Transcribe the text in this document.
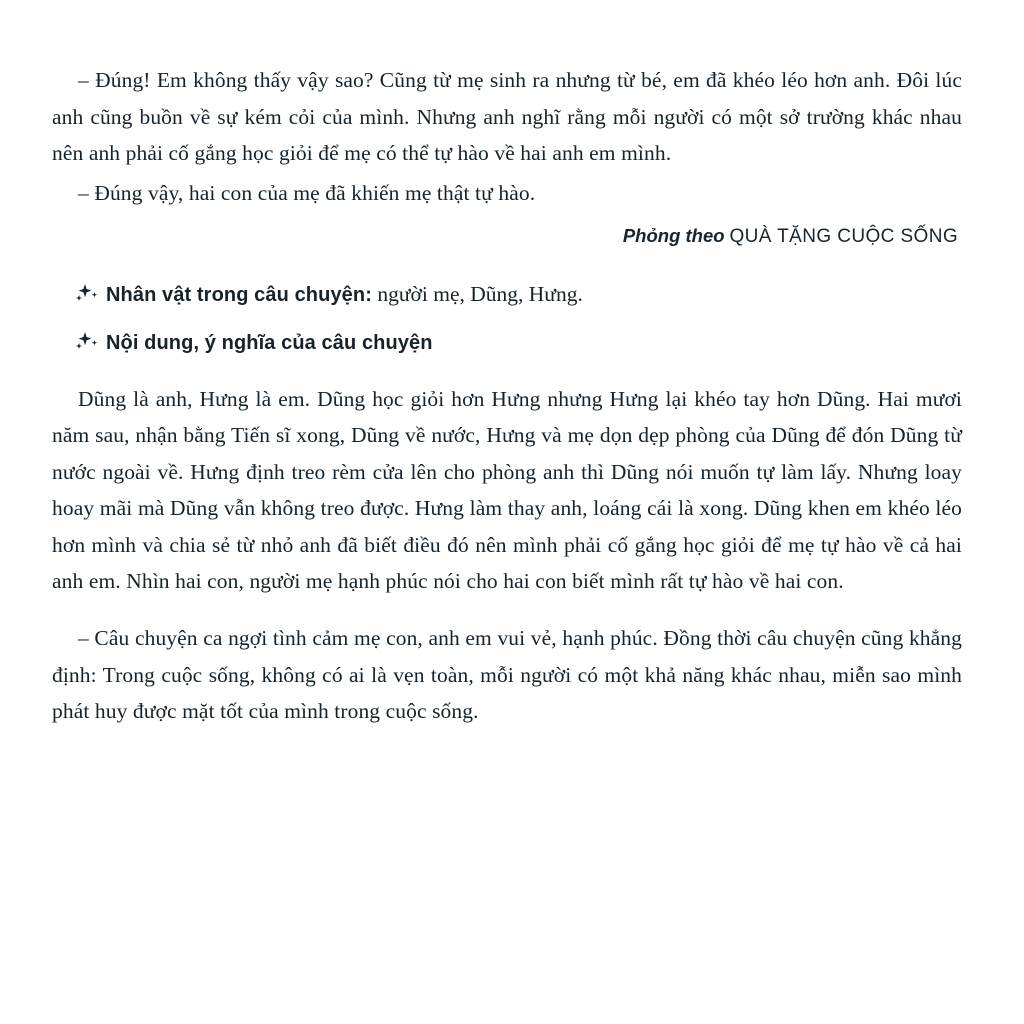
– Đúng! Em không thấy vậy sao? Cũng từ mẹ sinh ra nhưng từ bé, em đã khéo léo hơn anh. Đôi lúc anh cũng buồn về sự kém cỏi của mình. Nhưng anh nghĩ rằng mỗi người có một sở trường khác nhau nên anh phải cố gắng học giỏi để mẹ có thể tự hào về hai anh em mình.

– Đúng vậy, hai con của mẹ đã khiến mẹ thật tự hào.

Phỏng theo QUÀ TẶNG CUỘC SỐNG

Nhân vật trong câu chuyện: người mẹ, Dũng, Hưng.
Nội dung, ý nghĩa của câu chuyện

Dũng là anh, Hưng là em. Dũng học giỏi hơn Hưng nhưng Hưng lại khéo tay hơn Dũng. Hai mươi năm sau, nhận bằng Tiến sĩ xong, Dũng về nước, Hưng và mẹ dọn dẹp phòng của Dũng để đón Dũng từ nước ngoài về. Hưng định treo rèm cửa lên cho phòng anh thì Dũng nói muốn tự làm lấy. Nhưng loay hoay mãi mà Dũng vẫn không treo được. Hưng làm thay anh, loáng cái là xong. Dũng khen em khéo léo hơn mình và chia sẻ từ nhỏ anh đã biết điều đó nên mình phải cố gắng học giỏi để mẹ tự hào về cả hai anh em. Nhìn hai con, người mẹ hạnh phúc nói cho hai con biết mình rất tự hào về hai con.

– Câu chuyện ca ngợi tình cảm mẹ con, anh em vui vẻ, hạnh phúc. Đồng thời câu chuyện cũng khẳng định: Trong cuộc sống, không có ai là vẹn toàn, mỗi người có một khả năng khác nhau, miễn sao mình phát huy được mặt tốt của mình trong cuộc sống.
